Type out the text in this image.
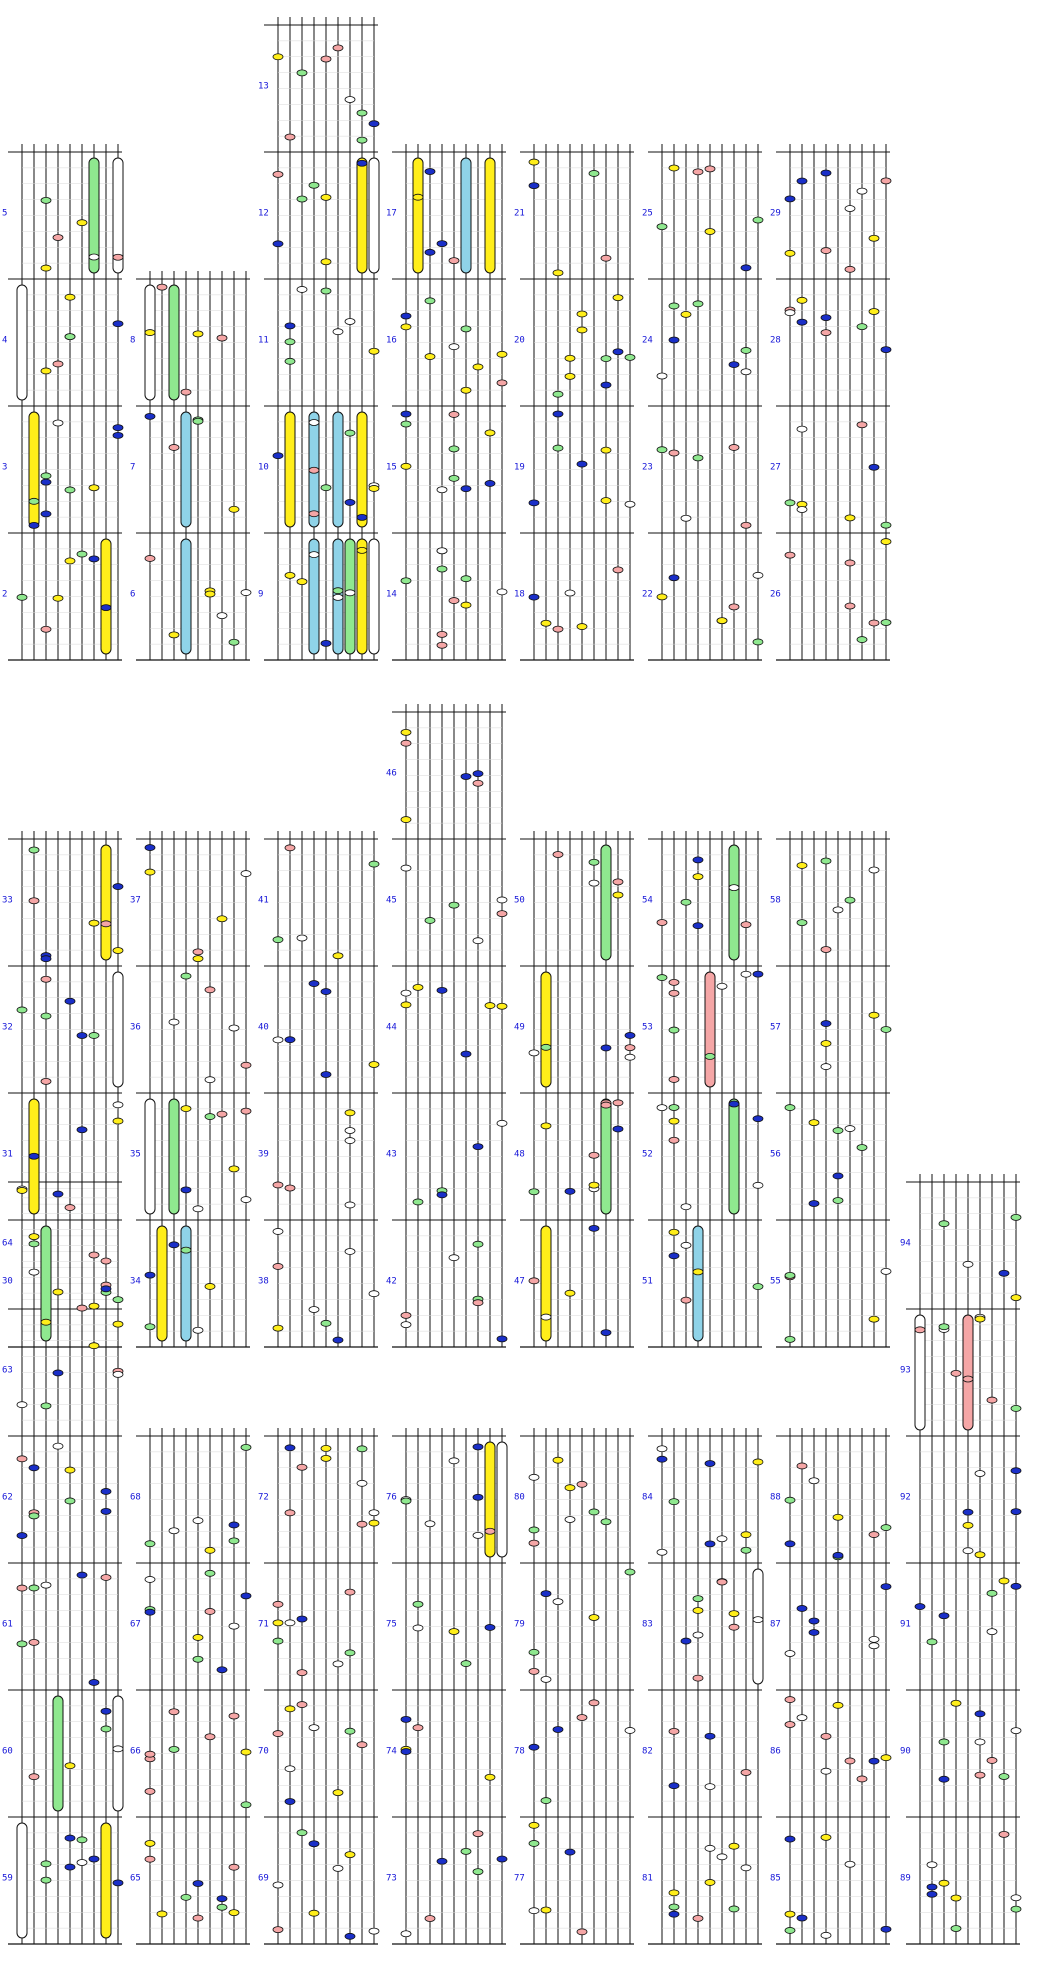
2
3
4
5
6
7
8
9
10
11
12
13
14
15
16
17
18
19
20
21
22
23
24
25
26
27
28
29
30
31
32
33
34
35
36
37
38
39
40
41
42
43
44
45
46
47
48
49
50
51
52
53
54
55
56
57
58
59
60
61
62
63
64
65
66
67
68
69
70
71
72
73
74
75
76
77
78
79
80
81
82
83
84
85
86
87
88
89
90
91
92
93
94
